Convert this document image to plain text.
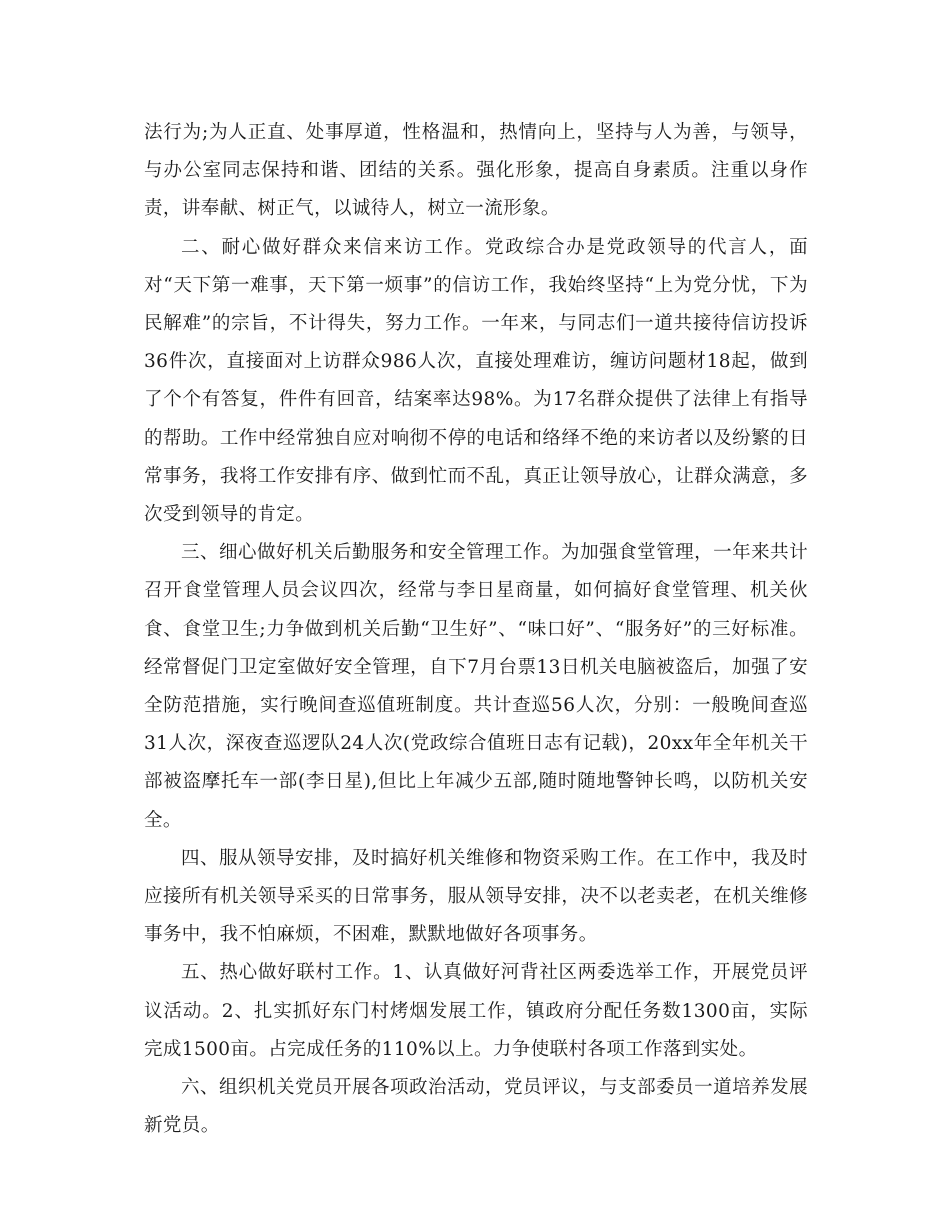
法行为;为人正直、处事厚道，性格温和，热情向上，坚持与人为善，与领导，与办公室同志保持和谐、团结的关系。强化形象，提高自身素质。注重以身作责，讲奉献、树正气，以诚待人，树立一流形象。

二、耐心做好群众来信来访工作。党政综合办是党政领导的代言人，面对“天下第一难事，天下第一烦事”的信访工作，我始终坚持“上为党分忧，下为民解难”的宗旨，不计得失，努力工作。一年来，与同志们一道共接待信访投诉36件次，直接面对上访群众986人次，直接处理难访，缠访问题材18起，做到了个个有答复，件件有回音，结案率达98%。为17名群众提供了法律上有指导的帮助。工作中经常独自应对响彻不停的电话和络绎不绝的来访者以及纷繁的日常事务，我将工作安排有序、做到忙而不乱，真正让领导放心，让群众满意，多次受到领导的肯定。

三、细心做好机关后勤服务和安全管理工作。为加强食堂管理，一年来共计召开食堂管理人员会议四次，经常与李日星商量，如何搞好食堂管理、机关伙食、食堂卫生;力争做到机关后勤“卫生好”、“味口好”、“服务好”的三好标准。经常督促门卫定室做好安全管理，自下7月台票13日机关电脑被盗后，加强了安全防范措施，实行晚间查巡值班制度。共计查巡56人次，分别：一般晚间查巡31人次，深夜查巡逻队24人次(党政综合值班日志有记载)，20xx年全年机关干部被盗摩托车一部(李日星),但比上年减少五部,随时随地警钟长鸣，以防机关安全。

四、服从领导安排，及时搞好机关维修和物资采购工作。在工作中，我及时应接所有机关领导采买的日常事务，服从领导安排，决不以老卖老，在机关维修事务中，我不怕麻烦，不困难，默默地做好各项事务。

五、热心做好联村工作。1、认真做好河背社区两委选举工作，开展党员评议活动。2、扎实抓好东门村烤烟发展工作，镇政府分配任务数1300亩，实际完成1500亩。占完成任务的110%以上。力争使联村各项工作落到实处。

六、组织机关党员开展各项政治活动，党员评议，与支部委员一道培养发展新党员。
